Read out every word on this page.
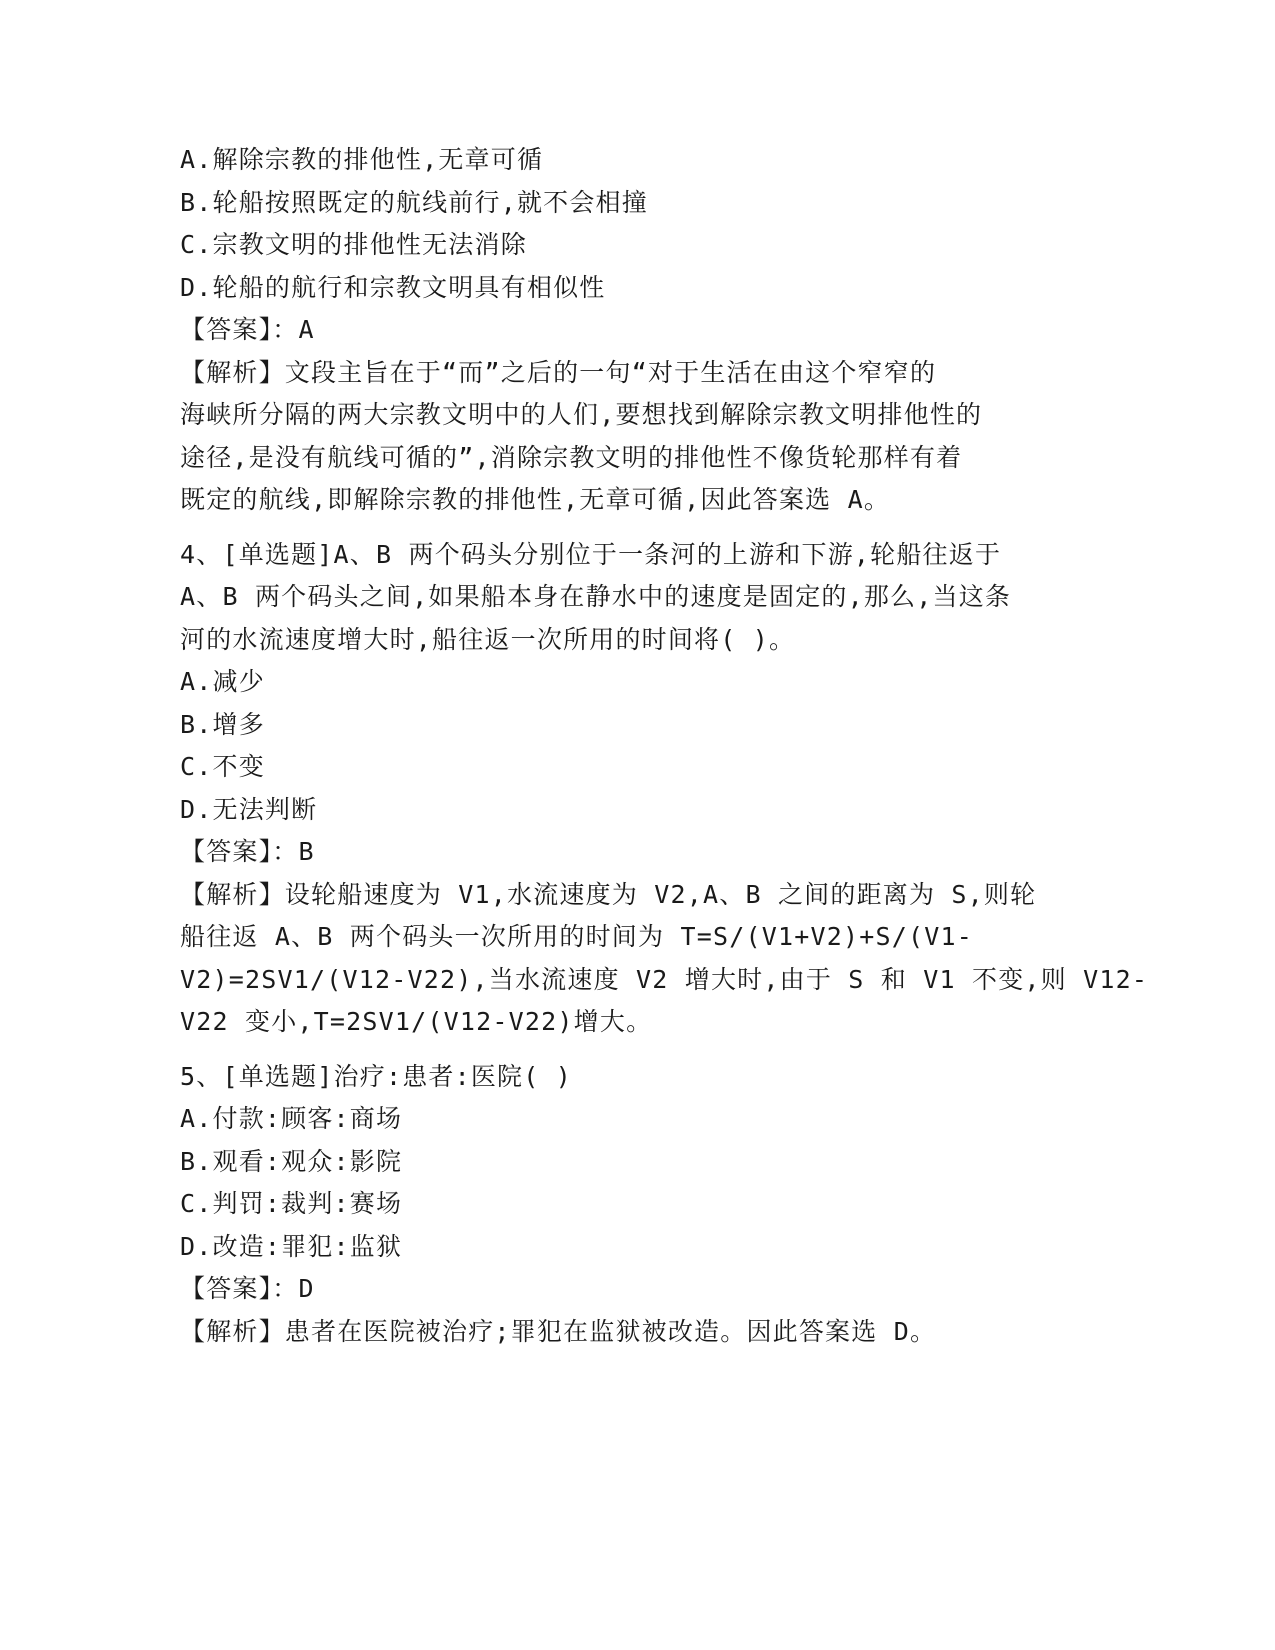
A.解除宗教的排他性,无章可循
B.轮船按照既定的航线前行,就不会相撞
C.宗教文明的排他性无法消除
D.轮船的航行和宗教文明具有相似性
【答案】：A
【解析】文段主旨在于“而”之后的一句“对于生活在由这个窄窄的
海峡所分隔的两大宗教文明中的人们,要想找到解除宗教文明排他性的
途径,是没有航线可循的”,消除宗教文明的排他性不像货轮那样有着
既定的航线,即解除宗教的排他性,无章可循,因此答案选 A。
4、[单选题]A、B 两个码头分别位于一条河的上游和下游,轮船往返于
A、B 两个码头之间,如果船本身在静水中的速度是固定的,那么,当这条
河的水流速度增大时,船往返一次所用的时间将( )。
A.减少
B.增多
C.不变
D.无法判断
【答案】：B
【解析】设轮船速度为 V1,水流速度为 V2,A、B 之间的距离为 S,则轮
船往返 A、B 两个码头一次所用的时间为 T=S/(V1+V2)+S/(V1-
V2)=2SV1/(V12-V22),当水流速度 V2 增大时,由于 S 和 V1 不变,则 V12-
V22 变小,T=2SV1/(V12-V22)增大。
5、[单选题]治疗:患者:医院( )
A.付款:顾客:商场
B.观看:观众:影院
C.判罚:裁判:赛场
D.改造:罪犯:监狱
【答案】：D
【解析】患者在医院被治疗;罪犯在监狱被改造。因此答案选 D。
